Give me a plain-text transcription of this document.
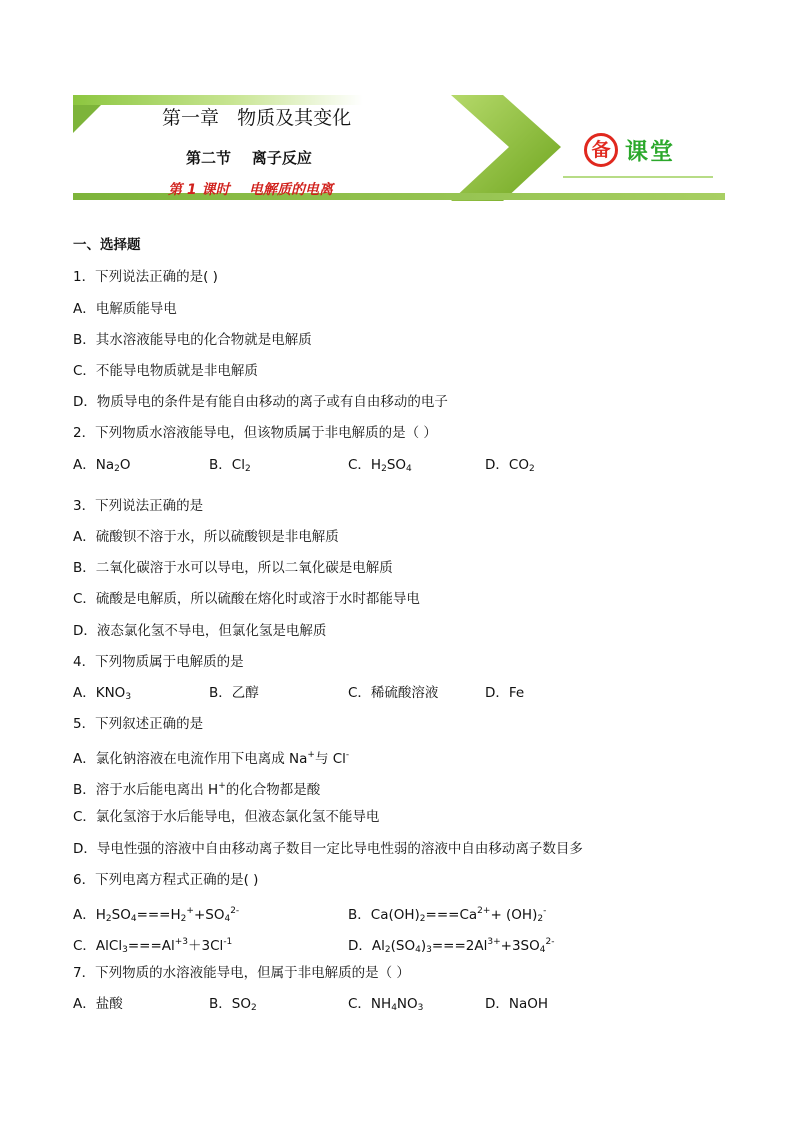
第一章   物质及其变化
第二节    离子反应
第 1 课时    电解质的电离
备 课堂
一、选择题
1．下列说法正确的是( )
A．电解质能导电
B．其水溶液能导电的化合物就是电解质
C．不能导电物质就是非电解质
D．物质导电的条件是有能自由移动的离子或有自由移动的电子
2．下列物质水溶液能导电，但该物质属于非电解质的是（ ）
A．$Na_2O$	B．$Cl_2$	C．$H_2SO_4$	D．$CO_2$
3．下列说法正确的是
A．硫酸钡不溶于水，所以硫酸钡是非电解质
B．二氧化碳溶于水可以导电，所以二氧化碳是电解质
C．硫酸是电解质，所以硫酸在熔化时或溶于水时都能导电
D．液态氯化氢不导电，但氯化氢是电解质
4．下列物质属于电解质的是
A．$KNO_3$	B．乙醇	C．稀硫酸溶液	D．Fe
5．下列叙述正确的是
A．氯化钠溶液在电流作用下电离成 Na+与 Cl-
B．溶于水后能电离出 H+的化合物都是酸
C．氯化氢溶于水后能导电，但液态氯化氢不能导电
D．导电性强的溶液中自由移动离子数目一定比导电性弱的溶液中自由移动离子数目多
6．下列电离方程式正确的是( )
A．$H_2SO_4===H_2^++SO_4^{2-}$	B．$Ca(OH)_2===Ca^{2+}+ (OH)_2^-$
C．$AlCl_3===Al^{+3}+3Cl^{-1}$	D．$Al_2(SO_4)_3===2Al^{3+}+3SO_4^{2-}$
7．下列物质的水溶液能导电，但属于非电解质的是（ ）
A．盐酸	B．$SO_2$	C．$NH_4NO_3$	D．NaOH
